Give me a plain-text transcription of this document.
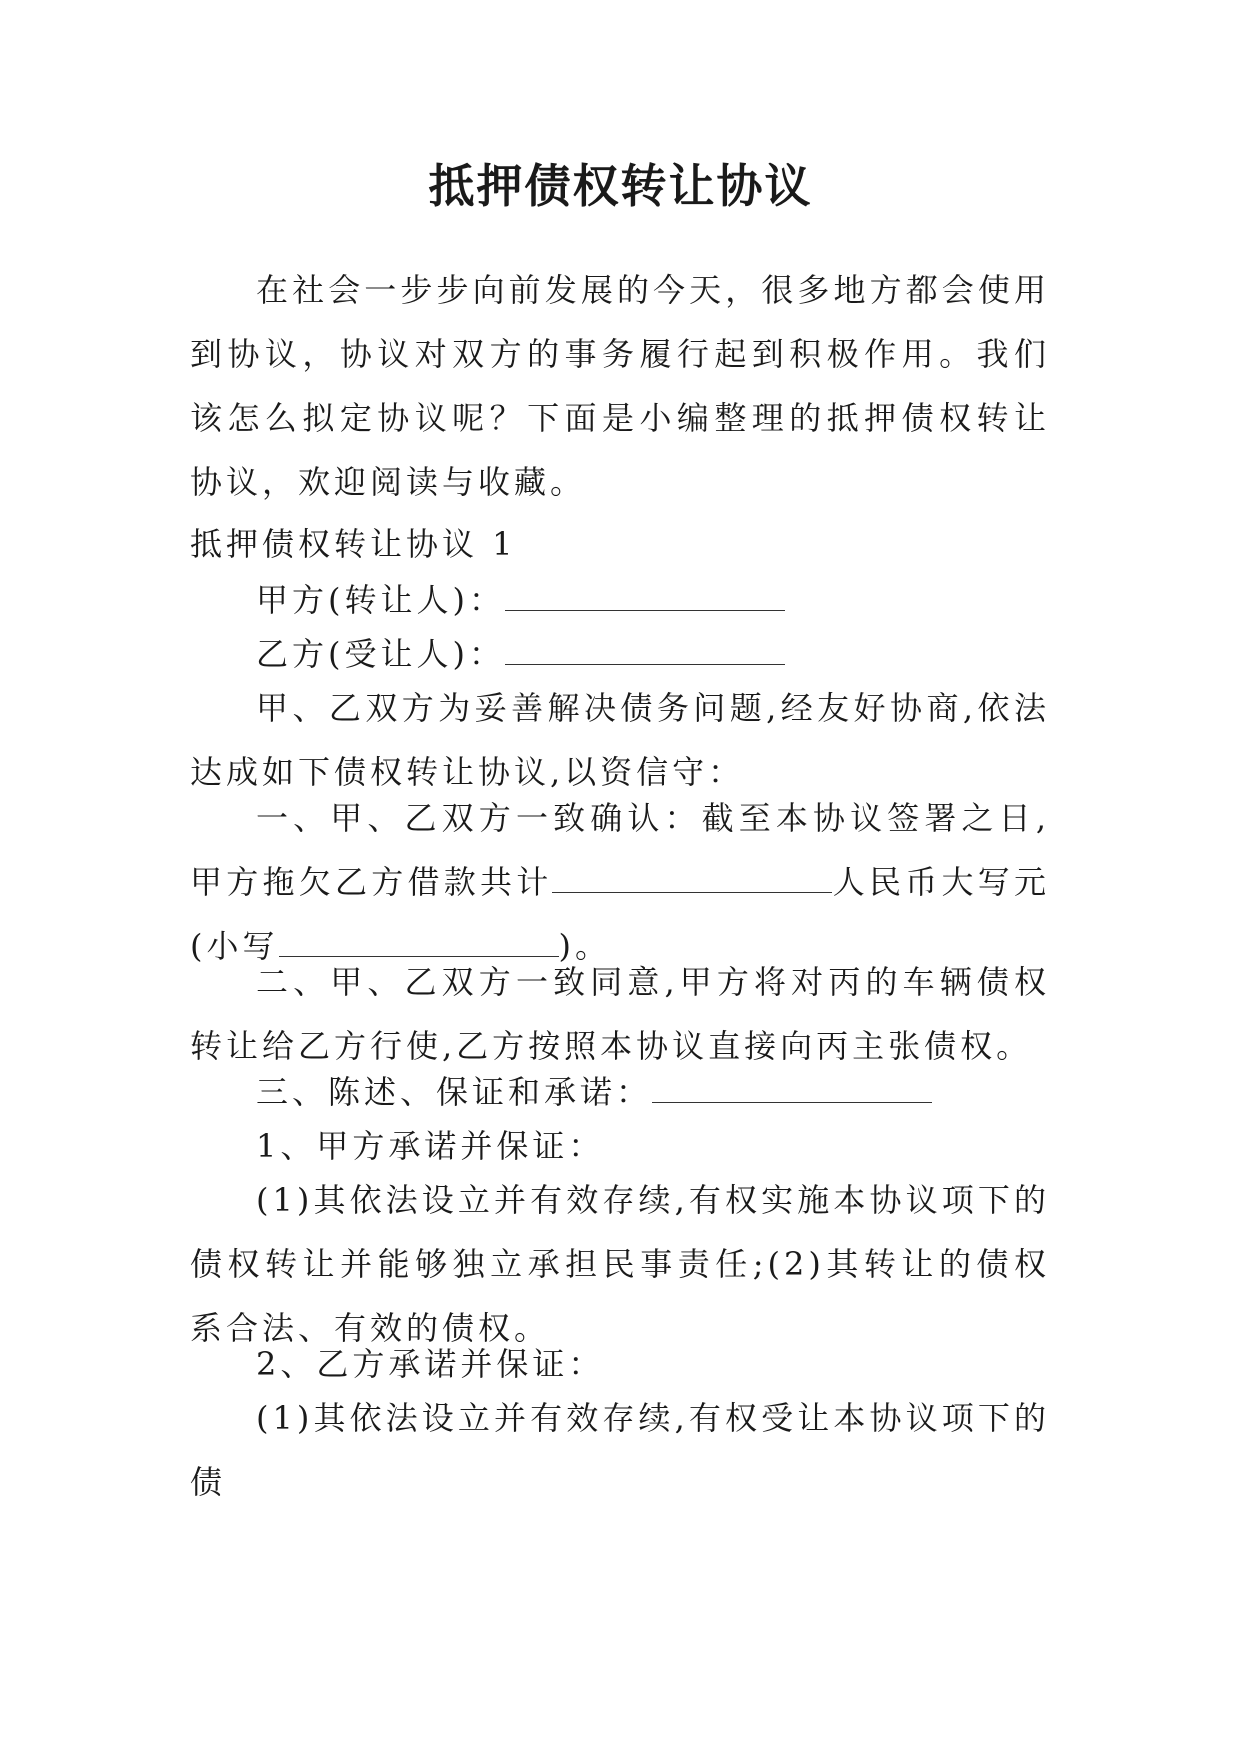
抵押债权转让协议
在社会一步步向前发展的今天，很多地方都会使用到协议，协议对双方的事务履行起到积极作用。我们该怎么拟定协议呢？下面是小编整理的抵押债权转让协议，欢迎阅读与收藏。
抵押债权转让协议 1
甲方(转让人)：
乙方(受让人)：
甲、乙双方为妥善解决债务问题,经友好协商,依法达成如下债权转让协议,以资信守：
一、甲、乙双方一致确认：截至本协议签署之日,甲方拖欠乙方借款共计	人民币大写元(小写	)。
二、甲、乙双方一致同意,甲方将对丙的车辆债权转让给乙方行使,乙方按照本协议直接向丙主张债权。
三、陈述、保证和承诺：
1、甲方承诺并保证：
(1)其依法设立并有效存续,有权实施本协议项下的债权转让并能够独立承担民事责任;(2)其转让的债权系合法、有效的债权。
2、乙方承诺并保证：
(1)其依法设立并有效存续,有权受让本协议项下的债
